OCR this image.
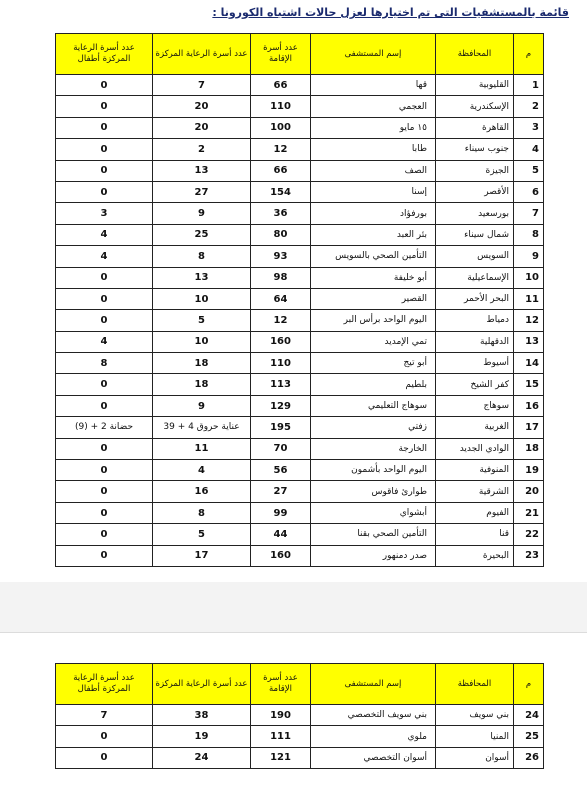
قائمة بالمستشفيات التى تم اختيارها لعزل حالات اشتباه الكورونا :
م	المحافظة	إسم المستشفى	عدد أسرة الإقامة	عدد أسرة الرعاية المركزة	عدد أسرة الرعاية المركزة أطفال
1	القليوبية	قها	66	7	0
2	الإسكندرية	العجمي	110	20	0
3	القاهرة	١٥ مايو	100	20	0
4	جنوب سيناء	طابا	12	2	0
5	الجيزة	الصف	66	13	0
6	الأقصر	إسنا	154	27	0
7	بورسعيد	بورفؤاد	36	9	3
8	شمال سيناء	بئر العبد	80	25	4
9	السويس	التأمين الصحي بالسويس	93	8	4
10	الإسماعيلية	أبو خليفة	98	13	0
11	البحر الأحمر	القصير	64	10	0
12	دمياط	اليوم الواحد برأس البر	12	5	0
13	الدقهلية	تمي الإمديد	160	10	4
14	أسيوط	أبو تيج	110	18	8
15	كفر الشيخ	بلطيم	113	18	0
16	سوهاج	سوهاج التعليمي	129	9	0
17	الغربية	زفتي	195	عناية حروق 4 + 39	حضانة 2 + (9)
18	الوادي الجديد	الخارجة	70	11	0
19	المنوفية	اليوم الواحد بأشمون	56	4	0
20	الشرقية	طوارئ فاقوس	27	16	0
21	الفيوم	أبشواي	99	8	0
22	قنا	التأمين الصحي بقنا	44	5	0
23	البحيرة	صدر دمنهور	160	17	0
م	المحافظة	إسم المستشفى	عدد أسرة الإقامة	عدد أسرة الرعاية المركزة	عدد أسرة الرعاية المركزة أطفال
24	بني سويف	بني سويف التخصصي	190	38	7
25	المنيا	ملوي	111	19	0
26	أسوان	أسوان التخصصي	121	24	0
